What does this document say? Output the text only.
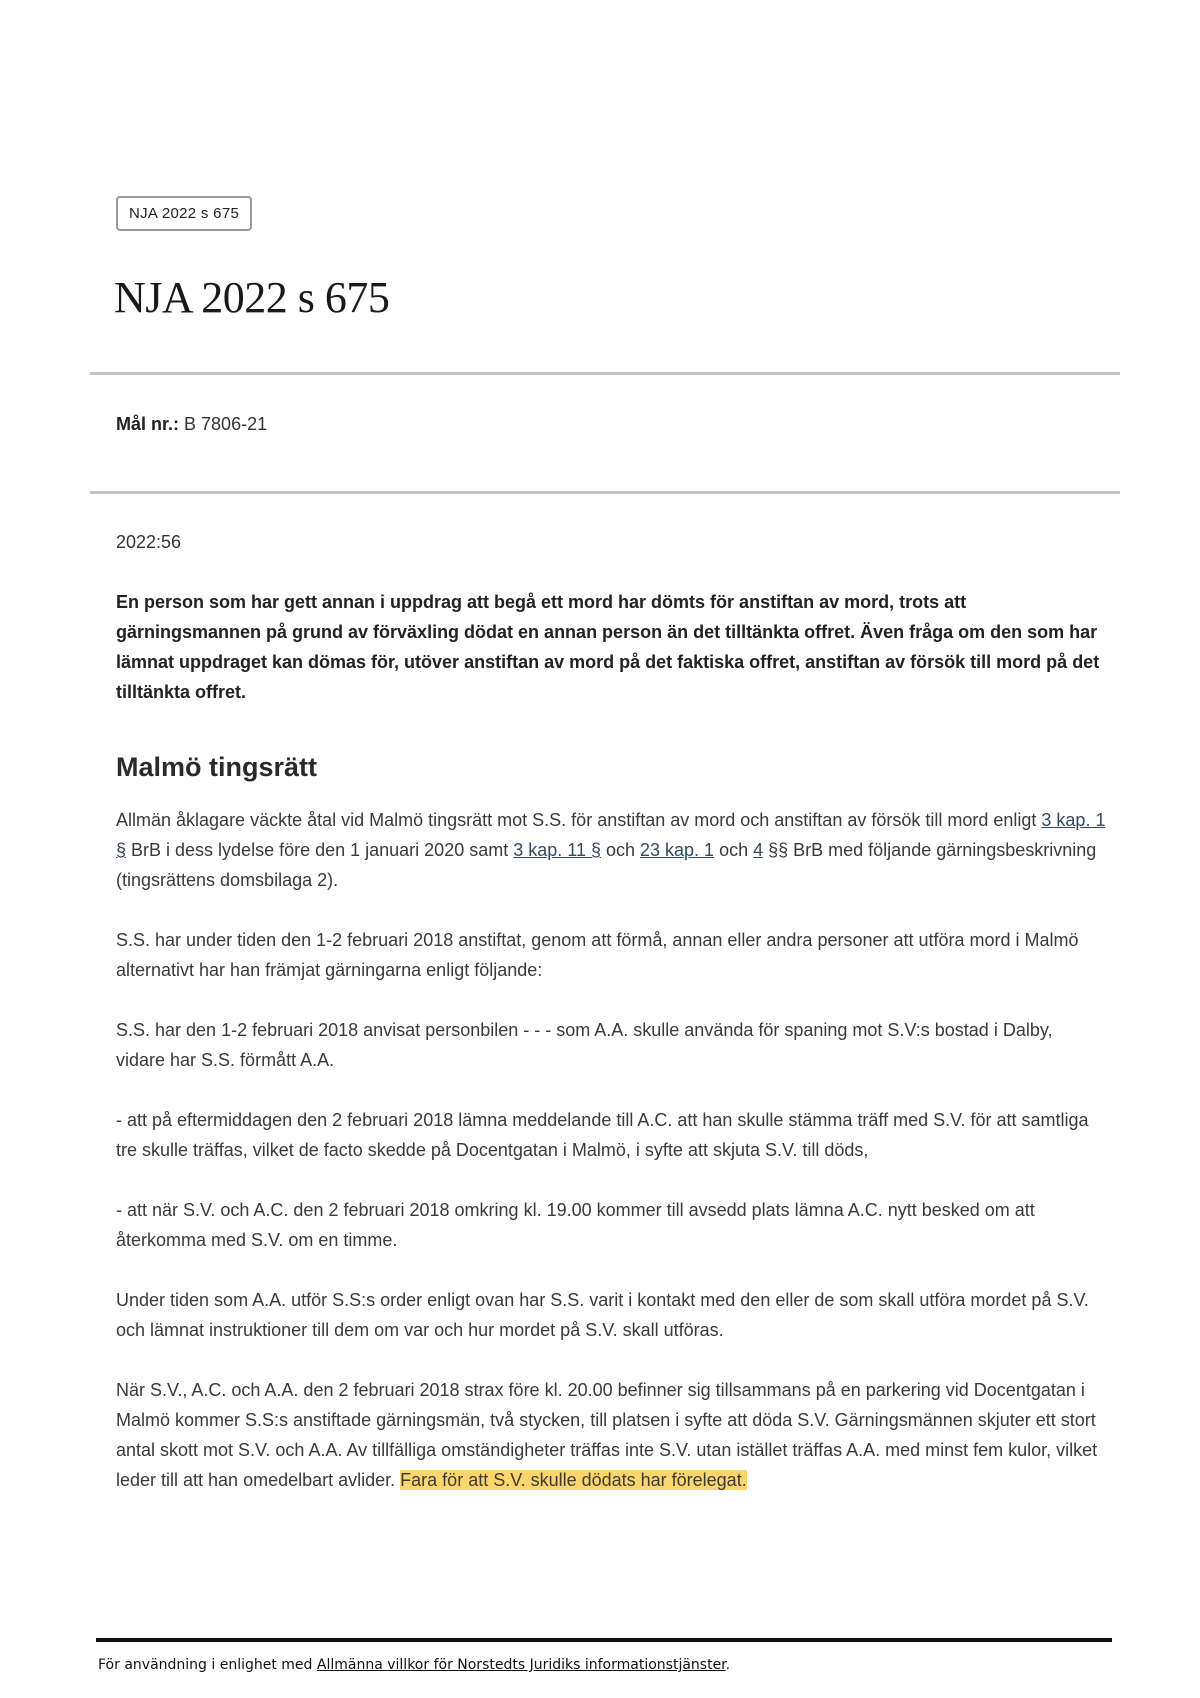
NJA 2022 s 675
NJA 2022 s 675
Mål nr.: B 7806-21
2022:56

En person som har gett annan i uppdrag att begå ett mord har dömts för anstiftan av mord, trots att gärningsmannen på grund av förväxling dödat en annan person än det tilltänkta offret. Även fråga om den som har lämnat uppdraget kan dömas för, utöver anstiftan av mord på det faktiska offret, anstiftan av försök till mord på det tilltänkta offret.

Malmö tingsrätt

Allmän åklagare väckte åtal vid Malmö tingsrätt mot S.S. för anstiftan av mord och anstiftan av försök till mord enligt 3 kap. 1 § BrB i dess lydelse före den 1 januari 2020 samt 3 kap. 11 § och 23 kap. 1 och 4 §§ BrB med följande gärningsbeskrivning (tingsrättens domsbilaga 2).

S.S. har under tiden den 1-2 februari 2018 anstiftat, genom att förmå, annan eller andra personer att utföra mord i Malmö alternativt har han främjat gärningarna enligt följande:

S.S. har den 1-2 februari 2018 anvisat personbilen - - - som A.A. skulle använda för spaning mot S.V:s bostad i Dalby, vidare har S.S. förmått A.A.

- att på eftermiddagen den 2 februari 2018 lämna meddelande till A.C. att han skulle stämma träff med S.V. för att samtliga tre skulle träffas, vilket de facto skedde på Docentgatan i Malmö, i syfte att skjuta S.V. till döds,

- att när S.V. och A.C. den 2 februari 2018 omkring kl. 19.00 kommer till avsedd plats lämna A.C. nytt besked om att återkomma med S.V. om en timme.

Under tiden som A.A. utför S.S:s order enligt ovan har S.S. varit i kontakt med den eller de som skall utföra mordet på S.V. och lämnat instruktioner till dem om var och hur mordet på S.V. skall utföras.

När S.V., A.C. och A.A. den 2 februari 2018 strax före kl. 20.00 befinner sig tillsammans på en parkering vid Docentgatan i Malmö kommer S.S:s anstiftade gärningsmän, två stycken, till platsen i syfte att döda S.V. Gärningsmännen skjuter ett stort antal skott mot S.V. och A.A. Av tillfälliga omständigheter träffas inte S.V. utan istället träffas A.A. med minst fem kulor, vilket leder till att han omedelbart avlider. Fara för att S.V. skulle dödats har förelegat.

För användning i enlighet med Allmänna villkor för Norstedts Juridiks informationstjänster.
